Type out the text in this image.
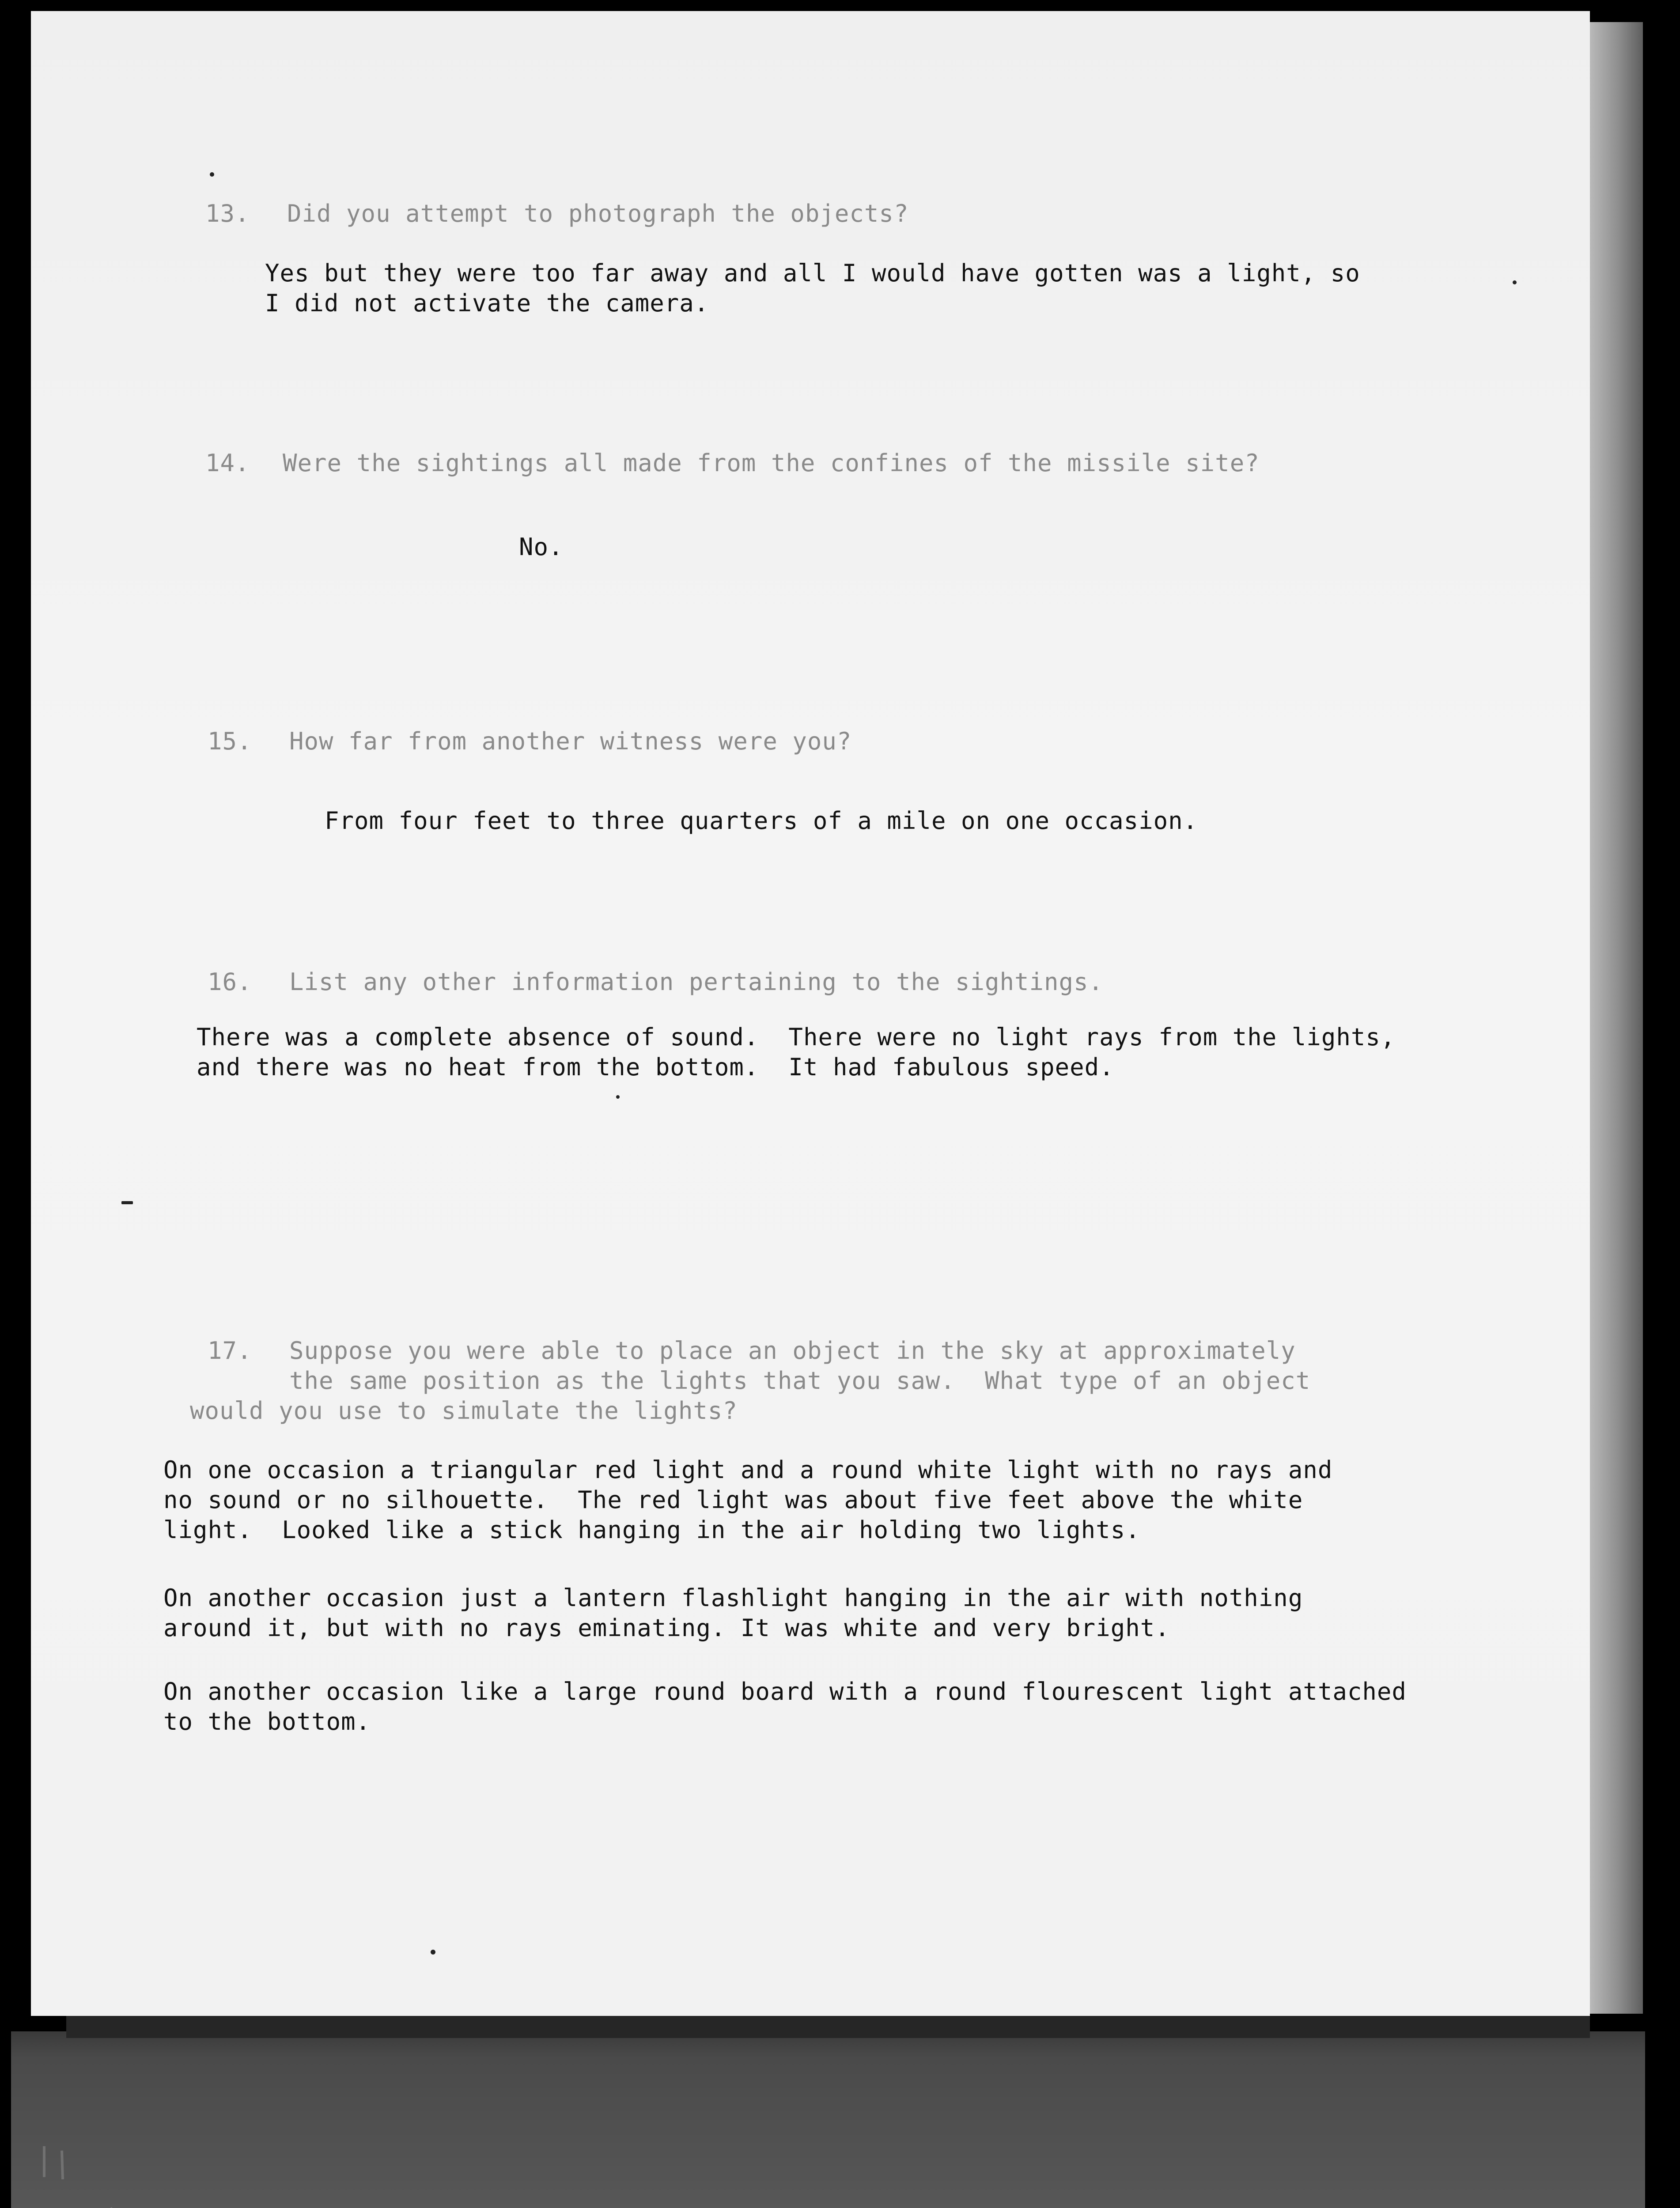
13. Did you attempt to photograph the objects?
Yes but they were too far away and all I would have gotten was a light, so
I did not activate the camera.
14. Were the sightings all made from the confines of the missile site?
No.
15. How far from another witness were you?
From four feet to three quarters of a mile on one occasion.
16. List any other information pertaining to the sightings.
There was a complete absence of sound.  There were no light rays from the lights,
and there was no heat from the bottom.  It had fabulous speed.
17. Suppose you were able to place an object in the sky at approximately
the same position as the lights that you saw.  What type of an object
would you use to simulate the lights?
On one occasion a triangular red light and a round white light with no rays and
no sound or no silhouette.  The red light was about five feet above the white
light.  Looked like a stick hanging in the air holding two lights.
On another occasion just a lantern flashlight hanging in the air with nothing
around it, but with no rays eminating. It was white and very bright.
On another occasion like a large round board with a round flourescent light attached
to the bottom.
